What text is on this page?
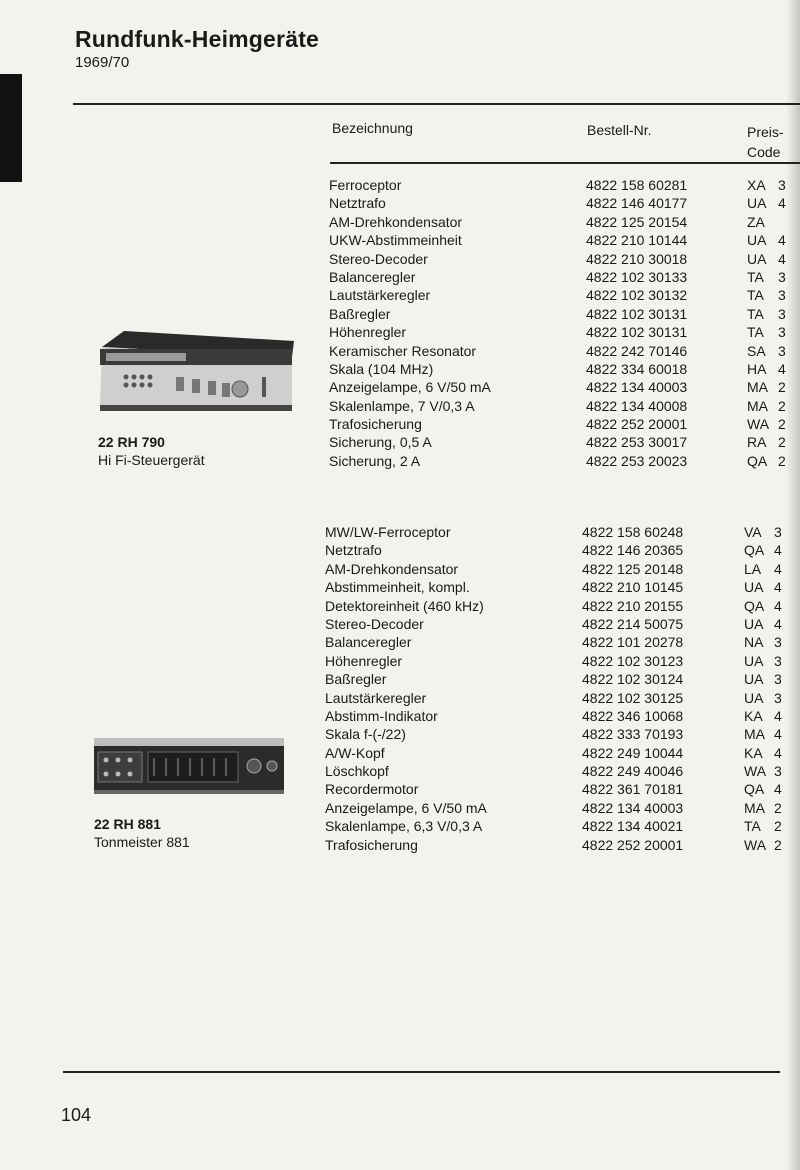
Rundfunk-Heimgeräte
1969/70
Bezeichnung	Bestell-Nr.	Preis-
Code
22 RH 790
Hi Fi-Steuergerät
Ferroceptor	4822 158 60281	XA 3
Netztrafo	4822 146 40177	UA 4
AM-Drehkondensator	4822 125 20154	ZA
UKW-Abstimmeinheit	4822 210 10144	UA 4
Stereo-Decoder	4822 210 30018	UA 4
Balanceregler	4822 102 30133	TA 3
Lautstärkeregler	4822 102 30132	TA 3
Baßregler	4822 102 30131	TA 3
Höhenregler	4822 102 30131	TA 3
Keramischer Resonator	4822 242 70146	SA 3
Skala (104 MHz)	4822 334 60018	HA 4
Anzeigelampe, 6 V/50 mA	4822 134 40003	MA 2
Skalenlampe, 7 V/0,3 A	4822 134 40008	MA 2
Trafosicherung	4822 252 20001	WA 2
Sicherung, 0,5 A	4822 253 30017	RA 2
Sicherung, 2 A	4822 253 20023	QA 2
22 RH 881
Tonmeister 881
MW/LW-Ferroceptor	4822 158 60248	VA 3
Netztrafo	4822 146 20365	QA 4
AM-Drehkondensator	4822 125 20148	LA 4
Abstimmeinheit, kompl.	4822 210 10145	UA 4
Detektoreinheit (460 kHz)	4822 210 20155	QA 4
Stereo-Decoder	4822 214 50075	UA 4
Balanceregler	4822 101 20278	NA 3
Höhenregler	4822 102 30123	UA 3
Baßregler	4822 102 30124	UA 3
Lautstärkeregler	4822 102 30125	UA 3
Abstimm-Indikator	4822 346 10068	KA 4
Skala f-(-/22)	4822 333 70193	MA 4
A/W-Kopf	4822 249 10044	KA 4
Löschkopf	4822 249 40046	WA 3
Recordermotor	4822 361 70181	QA 4
Anzeigelampe, 6 V/50 mA	4822 134 40003	MA 2
Skalenlampe, 6,3 V/0,3 A	4822 134 40021	TA 2
Trafosicherung	4822 252 20001	WA 2
104
